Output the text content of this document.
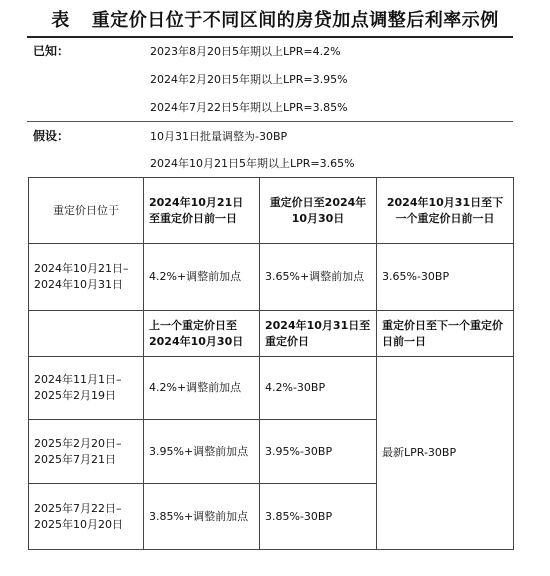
表 重定价日位于不同区间的房贷加点调整后利率示例
已知：	2023年8月20日5年期以上LPR=4.2%
2024年2月20日5年期以上LPR=3.95%
2024年7月22日5年期以上LPR=3.85%
假设：	10月31日批量调整为-30BP
2024年10月21日5年期以上LPR=3.65%
重定价日位于	2024年10月21日至重定价日前一日	重定价日至2024年10月30日	2024年10月31日至下一个重定价日前一日
2024年10月21日–2024年10月31日	4.2%+调整前加点	3.65%+调整前加点	3.65%-30BP
	上一个重定价日至2024年10月30日	2024年10月31日至重定价日	重定价日至下一个重定价日前一日
2024年11月1日–2025年2月19日	4.2%+调整前加点	4.2%-30BP	最新LPR-30BP
2025年2月20日–2025年7月21日	3.95%+调整前加点	3.95%-30BP	
2025年7月22日–2025年10月20日	3.85%+调整前加点	3.85%-30BP	
